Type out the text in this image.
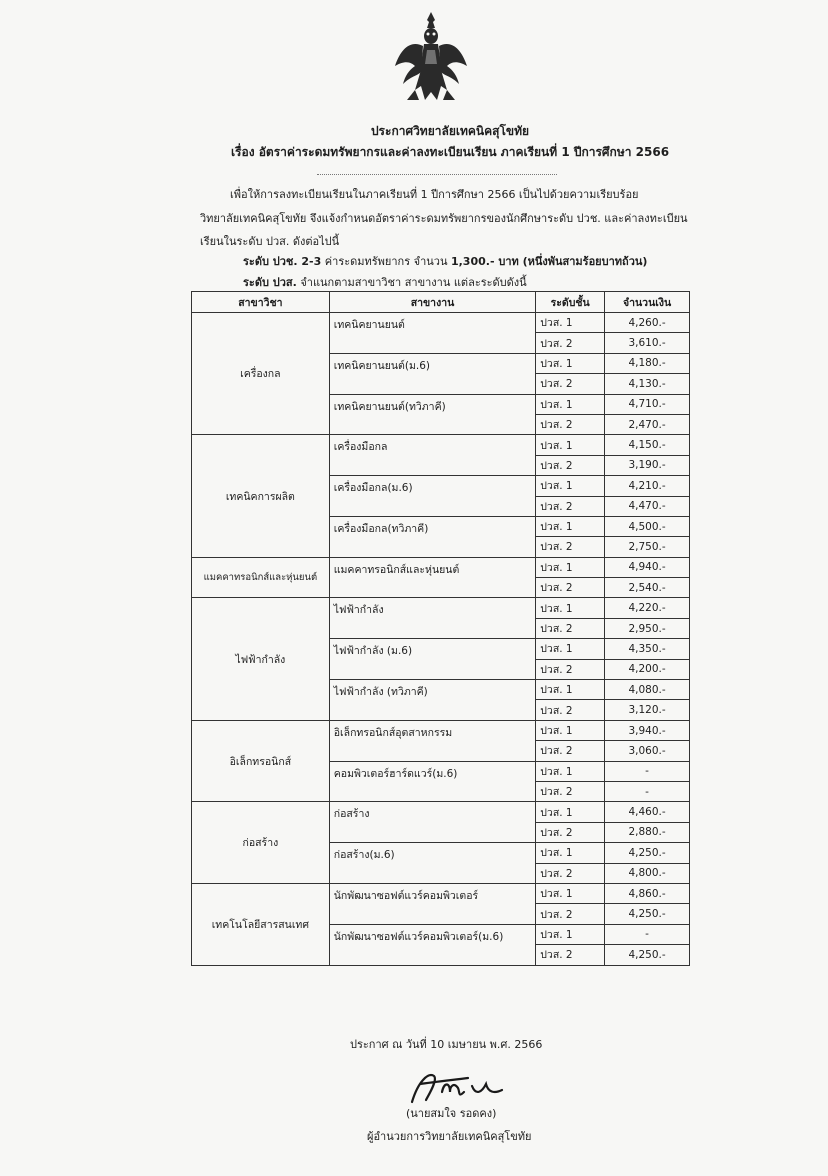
ประกาศวิทยาลัยเทคนิคสุโขทัย
เรื่อง อัตราค่าระดมทรัพยากรและค่าลงทะเบียนเรียน ภาคเรียนที่ 1 ปีการศึกษา 2566
เพื่อให้การลงทะเบียนเรียนในภาคเรียนที่ 1 ปีการศึกษา 2566 เป็นไปด้วยความเรียบร้อย
วิทยาลัยเทคนิคสุโขทัย จึงแจ้งกำหนดอัตราค่าระดมทรัพยากรของนักศึกษาระดับ ปวช. และค่าลงทะเบียน
เรียนในระดับ ปวส. ดังต่อไปนี้
ระดับ ปวช. 2-3 ค่าระดมทรัพยากร จำนวน 1,300.- บาท (หนึ่งพันสามร้อยบาทถ้วน)
ระดับ ปวส. จำแนกตามสาขาวิชา สาขางาน แต่ละระดับดังนี้
สาขาวิชา	สาขางาน	ระดับชั้น	จำนวนเงิน
เครื่องกล	เทคนิคยานยนต์	ปวส. 1	4,260.-
		ปวส. 2	3,610.-
	เทคนิคยานยนต์(ม.6)	ปวส. 1	4,180.-
		ปวส. 2	4,130.-
	เทคนิคยานยนต์(ทวิภาคี)	ปวส. 1	4,710.-
		ปวส. 2	2,470.-
เทคนิคการผลิต	เครื่องมือกล	ปวส. 1	4,150.-
		ปวส. 2	3,190.-
	เครื่องมือกล(ม.6)	ปวส. 1	4,210.-
		ปวส. 2	4,470.-
	เครื่องมือกล(ทวิภาคี)	ปวส. 1	4,500.-
		ปวส. 2	2,750.-
แมคคาทรอนิกส์และหุ่นยนต์	แมคคาทรอนิกส์และหุ่นยนต์	ปวส. 1	4,940.-
		ปวส. 2	2,540.-
ไฟฟ้ากำลัง	ไฟฟ้ากำลัง	ปวส. 1	4,220.-
		ปวส. 2	2,950.-
	ไฟฟ้ากำลัง (ม.6)	ปวส. 1	4,350.-
		ปวส. 2	4,200.-
	ไฟฟ้ากำลัง (ทวิภาคี)	ปวส. 1	4,080.-
		ปวส. 2	3,120.-
อิเล็กทรอนิกส์	อิเล็กทรอนิกส์อุตสาหกรรม	ปวส. 1	3,940.-
		ปวส. 2	3,060.-
	คอมพิวเตอร์ฮาร์ดแวร์(ม.6)	ปวส. 1	-
		ปวส. 2	-
ก่อสร้าง	ก่อสร้าง	ปวส. 1	4,460.-
		ปวส. 2	2,880.-
	ก่อสร้าง(ม.6)	ปวส. 1	4,250.-
		ปวส. 2	4,800.-
เทคโนโลยีสารสนเทศ	นักพัฒนาซอฟต์แวร์คอมพิวเตอร์	ปวส. 1	4,860.-
		ปวส. 2	4,250.-
	นักพัฒนาซอฟต์แวร์คอมพิวเตอร์(ม.6)	ปวส. 1	-
		ปวส. 2	4,250.-
ประกาศ ณ วันที่ 10 เมษายน พ.ศ. 2566
(นายสมใจ รอดคง)
ผู้อำนวยการวิทยาลัยเทคนิคสุโขทัย
